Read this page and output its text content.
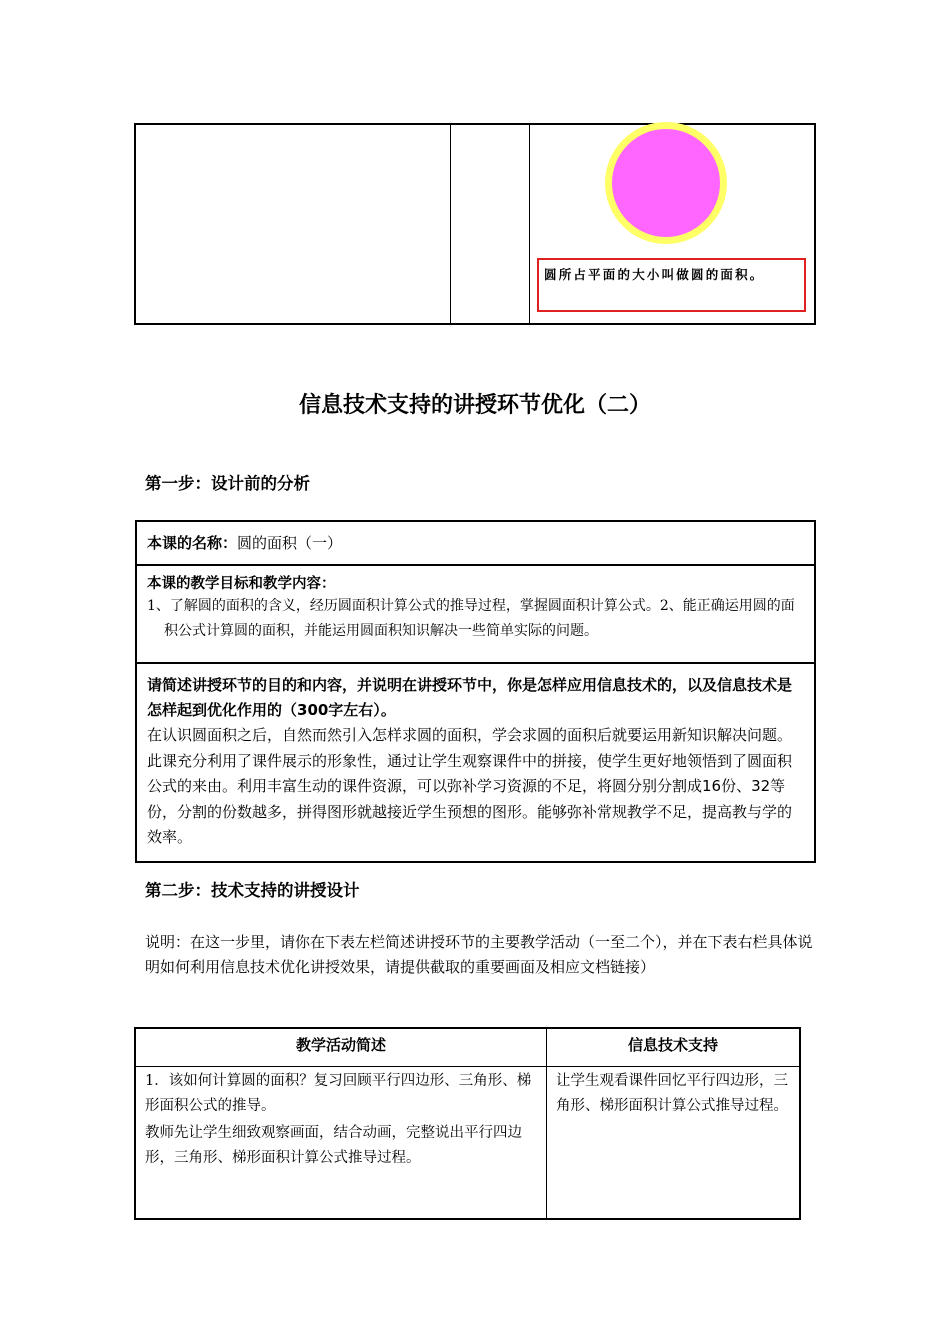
圆所占平面的大小叫做圆的面积。
信息技术支持的讲授环节优化（二）
第一步：设计前的分析
本课的名称：圆的面积（一）
本课的教学目标和教学内容：
1、了解圆的面积的含义，经历圆面积计算公式的推导过程，掌握圆面积计算公式。2、能正确运用圆的面积公式计算圆的面积，并能运用圆面积知识解决一些简单实际的问题。
请简述讲授环节的目的和内容，并说明在讲授环节中，你是怎样应用信息技术的，以及信息技术是怎样起到优化作用的（300字左右）。
在认识圆面积之后，自然而然引入怎样求圆的面积，学会求圆的面积后就要运用新知识解决问题。此课充分利用了课件展示的形象性，通过让学生观察课件中的拼接，使学生更好地领悟到了圆面积公式的来由。利用丰富生动的课件资源，可以弥补学习资源的不足，将圆分别分割成16份、32等份，分割的份数越多，拼得图形就越接近学生预想的图形。能够弥补常规教学不足，提高教与学的效率。
第二步：技术支持的讲授设计
说明：在这一步里，请你在下表左栏简述讲授环节的主要教学活动（一至二个），并在下表右栏具体说明如何利用信息技术优化讲授效果，请提供截取的重要画面及相应文档链接）
教学活动简述	信息技术支持
1．该如何计算圆的面积？复习回顾平行四边形、三角形、梯形面积公式的推导。
教师先让学生细致观察画面，结合动画，完整说出平行四边形，三角形、梯形面积计算公式推导过程。
让学生观看课件回忆平行四边形，三角形、梯形面积计算公式推导过程。
